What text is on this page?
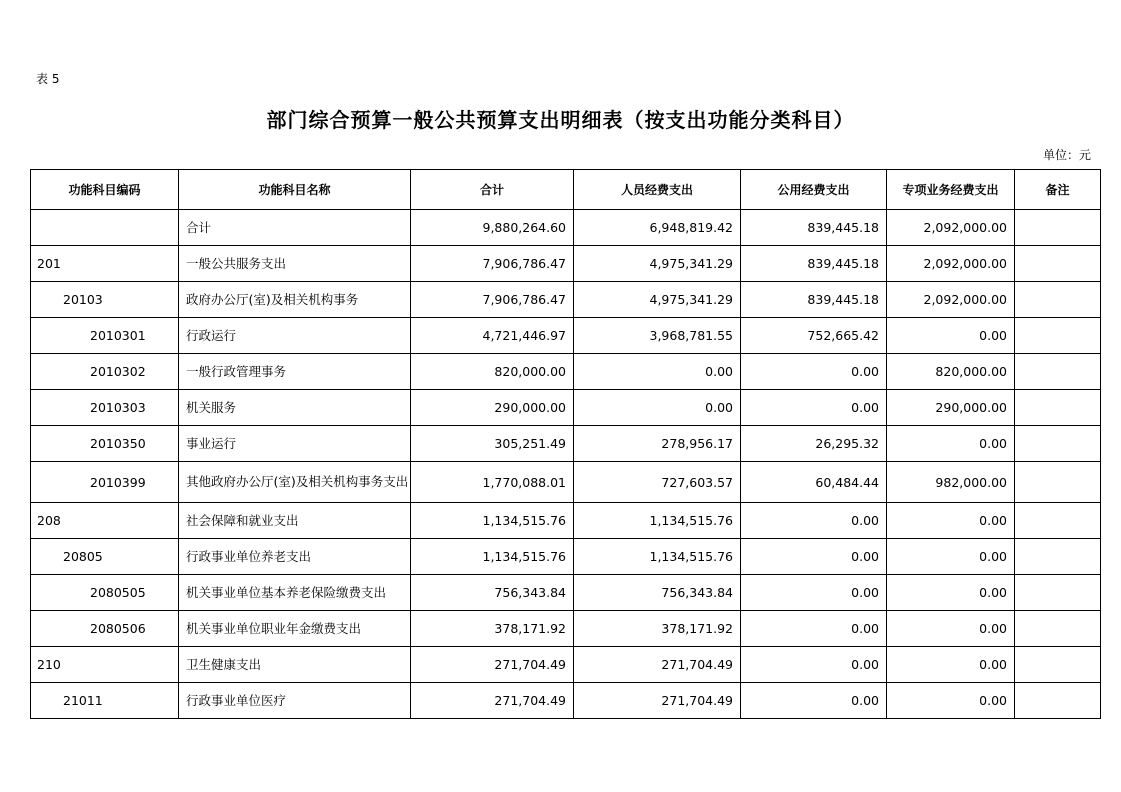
表 5
部门综合预算一般公共预算支出明细表（按支出功能分类科目）
单位：元
功能科目编码	功能科目名称	合计	人员经费支出	公用经费支出	专项业务经费支出	备注
	合计	9,880,264.60	6,948,819.42	839,445.18	2,092,000.00	
201	一般公共服务支出	7,906,786.47	4,975,341.29	839,445.18	2,092,000.00	
20103	政府办公厅(室)及相关机构事务	7,906,786.47	4,975,341.29	839,445.18	2,092,000.00	
2010301	行政运行	4,721,446.97	3,968,781.55	752,665.42	0.00	
2010302	一般行政管理事务	820,000.00	0.00	0.00	820,000.00	
2010303	机关服务	290,000.00	0.00	0.00	290,000.00	
2010350	事业运行	305,251.49	278,956.17	26,295.32	0.00	
2010399	其他政府办公厅(室)及相关机构事务支出	1,770,088.01	727,603.57	60,484.44	982,000.00	
208	社会保障和就业支出	1,134,515.76	1,134,515.76	0.00	0.00	
20805	行政事业单位养老支出	1,134,515.76	1,134,515.76	0.00	0.00	
2080505	机关事业单位基本养老保险缴费支出	756,343.84	756,343.84	0.00	0.00	
2080506	机关事业单位职业年金缴费支出	378,171.92	378,171.92	0.00	0.00	
210	卫生健康支出	271,704.49	271,704.49	0.00	0.00	
21011	行政事业单位医疗	271,704.49	271,704.49	0.00	0.00	
